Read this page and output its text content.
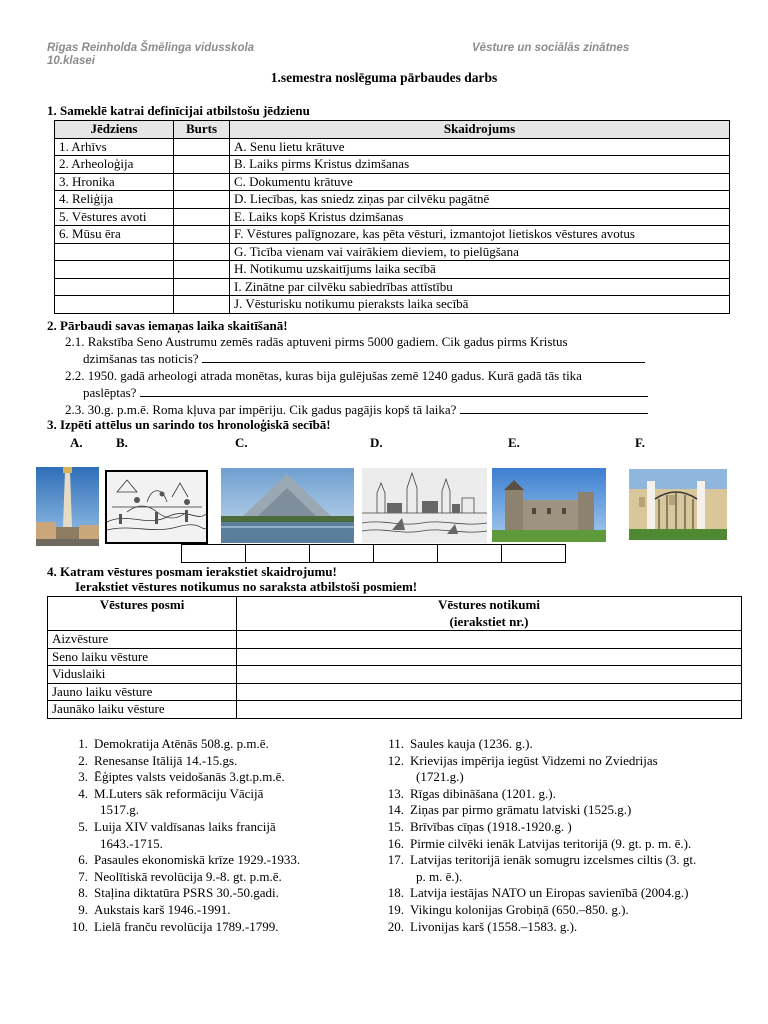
Rīgas Reinholda Šmēlinga vidusskola	Vēsture un sociālās zinātnes
10.klasei
1.semestra noslēguma pārbaudes darbs
1. Sameklē katrai definīcijai atbilstošu jēdzienu
Jēdziens	Burts	Skaidrojums
1. Arhīvs		A. Senu lietu krātuve
2. Arheoloģija		B. Laiks pirms Kristus dzimšanas
3. Hronika		C. Dokumentu krātuve
4. Reliģija		D. Liecības, kas sniedz ziņas par cilvēku pagātnē
5. Vēstures avoti		E. Laiks kopš Kristus dzimšanas
6. Mūsu ēra		F. Vēstures palīgnozare, kas pēta vēsturi, izmantojot lietiskos vēstures avotus
		G. Ticība vienam vai vairākiem dieviem, to pielūgšana
		H. Notikumu uzskaitījums laika secībā
		I. Zinātne par cilvēku sabiedrības attīstību
		J. Vēsturisku notikumu pieraksts laika secībā
2. Pārbaudi savas iemaņas laika skaitīšanā!
2.1. Rakstība Seno Austrumu zemēs radās aptuveni pirms 5000 gadiem. Cik gadus pirms Kristus
dzimšanas tas noticis?
2.2. 1950. gadā arheologi atrada monētas, kuras bija gulējušas zemē 1240 gadus. Kurā gadā tās tika
paslēptas?
2.3. 30.g. p.m.ē. Roma kļuva par impēriju. Cik gadus pagājis kopš tā laika?
3. Izpēti attēlus un sarindo tos hronoloģiskā secībā!
A.	B.	C.	D.	E.	F.
4. Katram vēstures posmam ierakstiet skaidrojumu!
Ierakstiet vēstures notikumus no saraksta atbilstoši posmiem!
Vēstures posmi	Vēstures notikumi
(ierakstiet nr.)

Aizvēsture	
Seno laiku vēsture	
Viduslaiki	
Jauno laiku vēsture	
Jaunāko laiku vēsture	
1. Demokratija Atēnās 508.g. p.m.ē.
2. Renesanse Itālijā 14.-15.gs.
3. Ēģiptes valsts veidošanās 3.gt.p.m.ē.
4. M.Luters sāk reformāciju Vācijā
1517.g.
5. Luija XIV valdīsanas laiks francijā
1643.-1715.
6. Pasaules ekonomiskā krīze 1929.-1933.
7. Neolītiskā revolūcija 9.-8. gt. p.m.ē.
8. Staļina diktatūra PSRS 30.-50.gadi.
9. Aukstais karš 1946.-1991.
10. Lielā franču revolūcija 1789.-1799.
11. Saules kauja (1236. g.).
12. Krievijas impērija iegūst Vidzemi no Zviedrijas
(1721.g.)
13. Rīgas dibināšana (1201. g.).
14. Ziņas par pirmo grāmatu latviski (1525.g.)
15. Brīvības cīņas (1918.-1920.g. )
16. Pirmie cilvēki ienāk Latvijas teritorijā (9. gt. p. m. ē.).
17. Latvijas teritorijā ienāk somugru izcelsmes ciltis (3. gt.
p. m. ē.).
18. Latvija iestājas NATO un Eiropas savienībā (2004.g.)
19. Vikingu kolonijas Grobiņā (650.–850. g.).
20. Livonijas karš (1558.–1583. g.).
